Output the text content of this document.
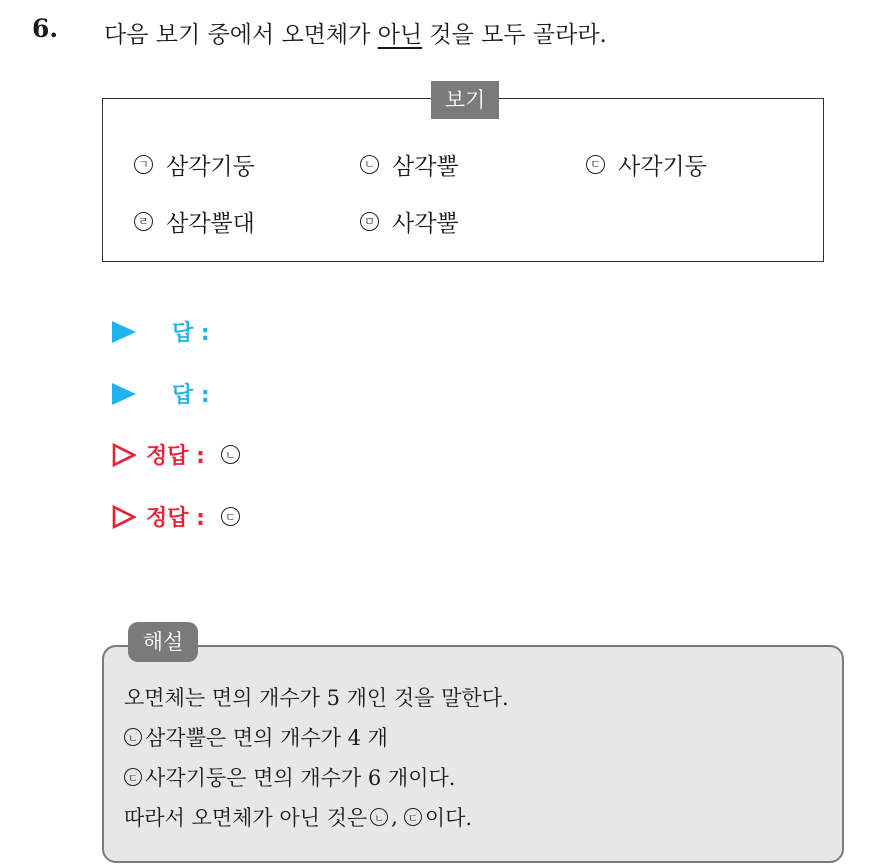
6. 다음 보기 중에서 오면체가 아닌 것을 모두 골라라.
보기
ㄱ 삼각기둥	ㄴ 삼각뿔	ㄷ 사각기둥
ㄹ 삼각뿔대	ㅁ 사각뿔
답 :
답 :
정답 :	ㄴ
정답 :	ㄷ
해설
오면체는 면의 개수가 5 개인 것을 말한다.
ㄴ 삼각뿔은 면의 개수가 4 개
ㄷ 사각기둥은 면의 개수가 6 개이다.
따라서 오면체가 아닌 것은 ㄴ ,	ㄷ 이다.
